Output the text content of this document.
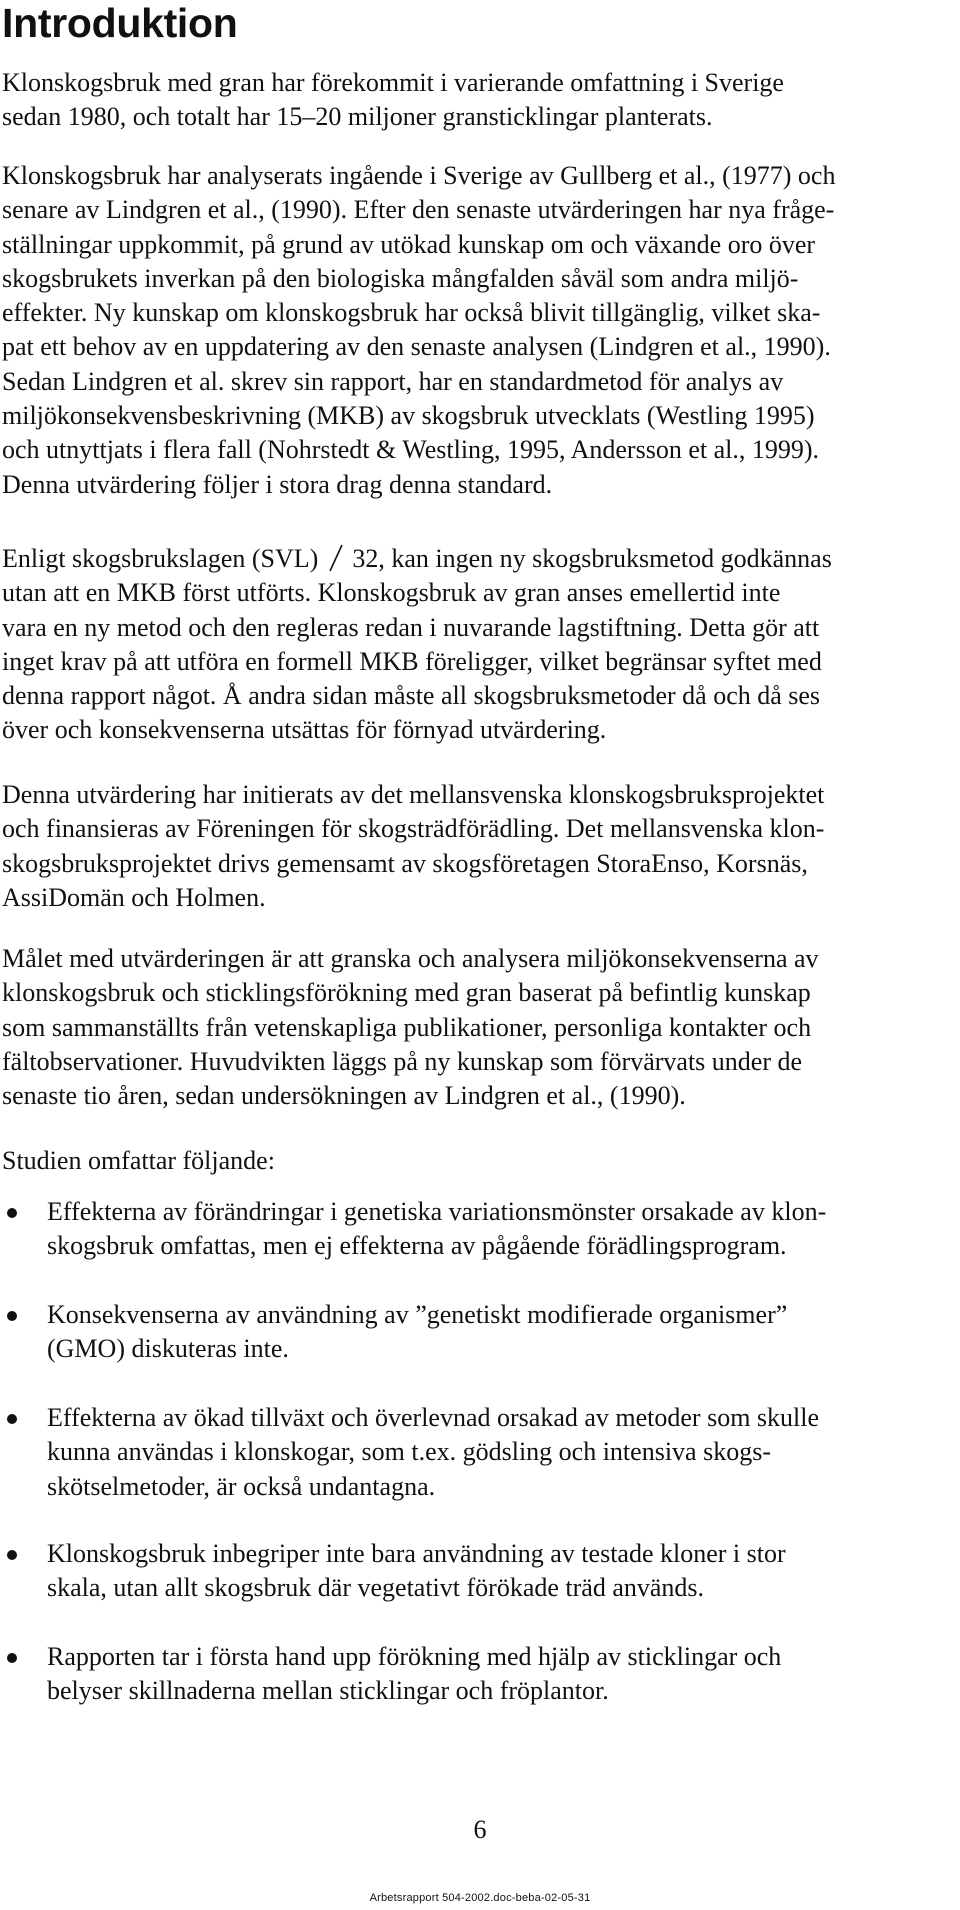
Introduktion

Klonskogsbruk med gran har förekommit i varierande omfattning i Sverige
sedan 1980, och totalt har 15–20 miljoner gransticklingar planterats.

Klonskogsbruk har analyserats ingående i Sverige av Gullberg et al., (1977) och
senare av Lindgren et al., (1990). Efter den senaste utvärderingen har nya fråge-
ställningar uppkommit, på grund av utökad kunskap om och växande oro över
skogsbrukets inverkan på den biologiska mångfalden såväl som andra miljö-
effekter. Ny kunskap om klonskogsbruk har också blivit tillgänglig, vilket ska-
pat ett behov av en uppdatering av den senaste analysen (Lindgren et al., 1990).
Sedan Lindgren et al. skrev sin rapport, har en standardmetod för analys av
miljökonsekvensbeskrivning (MKB) av skogsbruk utvecklats (Westling 1995)
och utnyttjats i flera fall (Nohrstedt & Westling, 1995, Andersson et al., 1999).
Denna utvärdering följer i stora drag denna standard.

Enligt skogsbrukslagen (SVL) 32, kan ingen ny skogsbruksmetod godkännas
utan att en MKB först utförts. Klonskogsbruk av gran anses emellertid inte
vara en ny metod och den regleras redan i nuvarande lagstiftning. Detta gör att
inget krav på att utföra en formell MKB föreligger, vilket begränsar syftet med
denna rapport något. Å andra sidan måste all skogsbruksmetoder då och då ses
över och konsekvenserna utsättas för förnyad utvärdering.

Denna utvärdering har initierats av det mellansvenska klonskogsbruksprojektet
och finansieras av Föreningen för skogsträdförädling. Det mellansvenska klon-
skogsbruksprojektet drivs gemensamt av skogsföretagen StoraEnso, Korsnäs,
AssiDomän och Holmen.

Målet med utvärderingen är att granska och analysera miljökonsekvenserna av
klonskogsbruk och sticklingsförökning med gran baserat på befintlig kunskap
som sammanställts från vetenskapliga publikationer, personliga kontakter och
fältobservationer. Huvudvikten läggs på ny kunskap som förvärvats under de
senaste tio åren, sedan undersökningen av Lindgren et al., (1990).

Studien omfattar följande:

Effekterna av förändringar i genetiska variationsmönster orsakade av klon-
skogsbruk omfattas, men ej effekterna av pågående förädlingsprogram.
Konsekvenserna av användning av ”genetiskt modifierade organismer”
(GMO) diskuteras inte.
Effekterna av ökad tillväxt och överlevnad orsakad av metoder som skulle
kunna användas i klonskogar, som t.ex. gödsling och intensiva skogs-
skötselmetoder, är också undantagna.
Klonskogsbruk inbegriper inte bara användning av testade kloner i stor
skala, utan allt skogsbruk där vegetativt förökade träd används.
Rapporten tar i första hand upp förökning med hjälp av sticklingar och
belyser skillnaderna mellan sticklingar och fröplantor.

6

Arbetsrapport 504-2002.doc-beba-02-05-31
